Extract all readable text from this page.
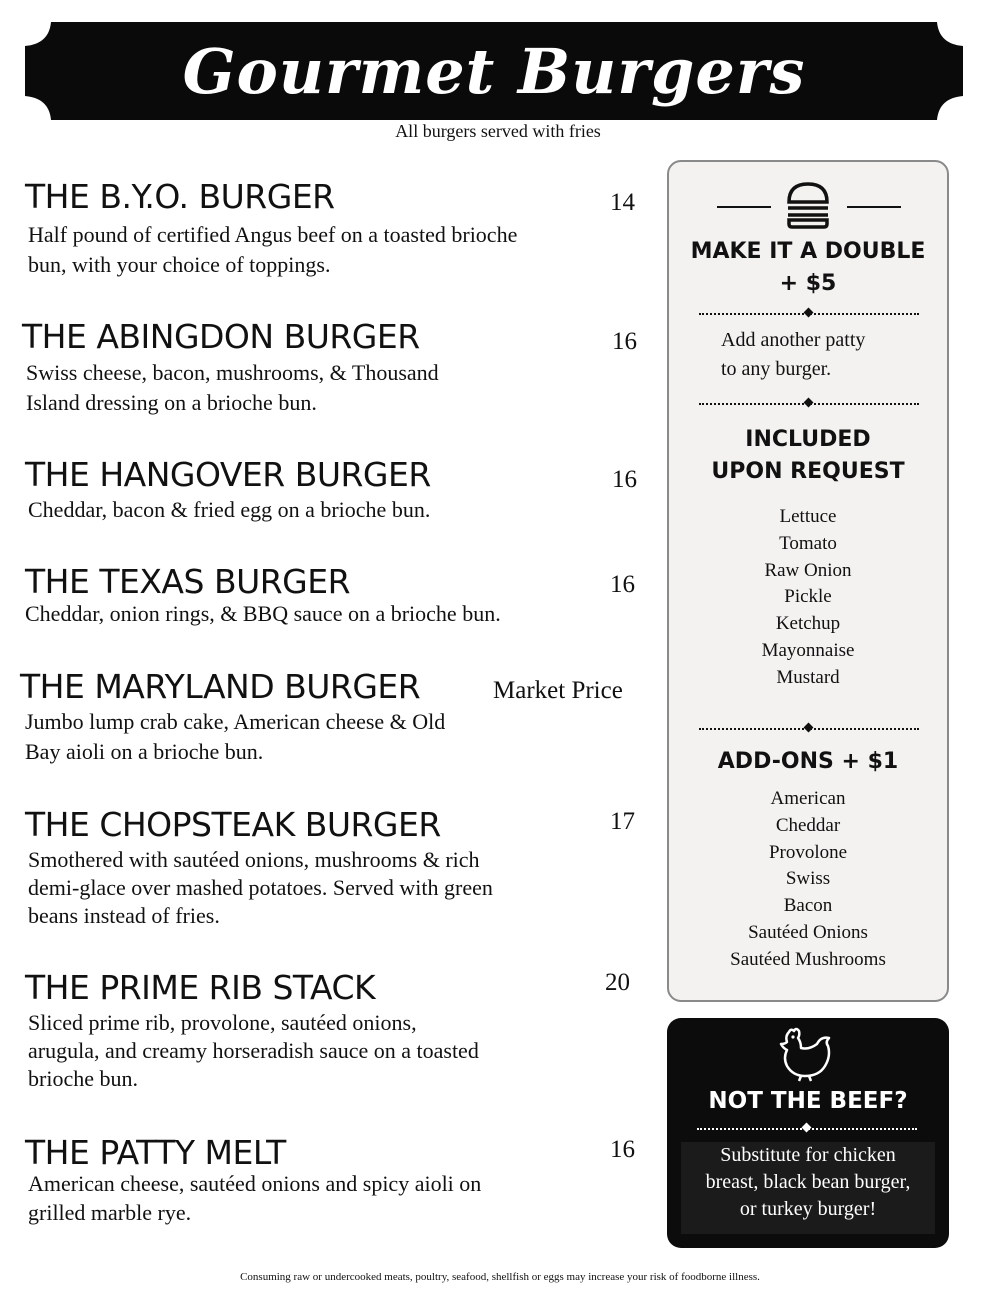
Gourmet Burgers
All burgers served with fries
THE B.Y.O. BURGER	14
Half pound of certified Angus beef on a toasted brioche bun, with your choice of toppings.
THE ABINGDON BURGER	16
Swiss cheese, bacon, mushrooms, & Thousand Island dressing on a brioche bun.
THE HANGOVER BURGER	16
Cheddar, bacon & fried egg on a brioche bun.
THE TEXAS BURGER	16
Cheddar, onion rings, & BBQ sauce on a brioche bun.
THE MARYLAND BURGER	Market Price
Jumbo lump crab cake, American cheese & Old Bay aioli on a brioche bun.
THE CHOPSTEAK BURGER	17
Smothered with sautéed onions, mushrooms & rich demi-glace over mashed potatoes. Served with green beans instead of fries.
THE PRIME RIB STACK	20
Sliced prime rib, provolone, sautéed onions, arugula, and creamy horseradish sauce on a toasted brioche bun.
THE PATTY MELT	16
American cheese, sautéed onions and spicy aioli on grilled marble rye.
MAKE IT A DOUBLE
+ $5
Add another patty
to any burger.
INCLUDED
UPON REQUEST
Lettuce
Tomato
Raw Onion
Pickle
Ketchup
Mayonnaise
Mustard
ADD-ONS + $1
American
Cheddar
Provolone
Swiss
Bacon
Sautéed Onions
Sautéed Mushrooms
NOT THE BEEF?
Substitute for chicken
breast, black bean burger,
or turkey burger!
Consuming raw or undercooked meats, poultry, seafood, shellfish or eggs may increase your risk of foodborne illness.
